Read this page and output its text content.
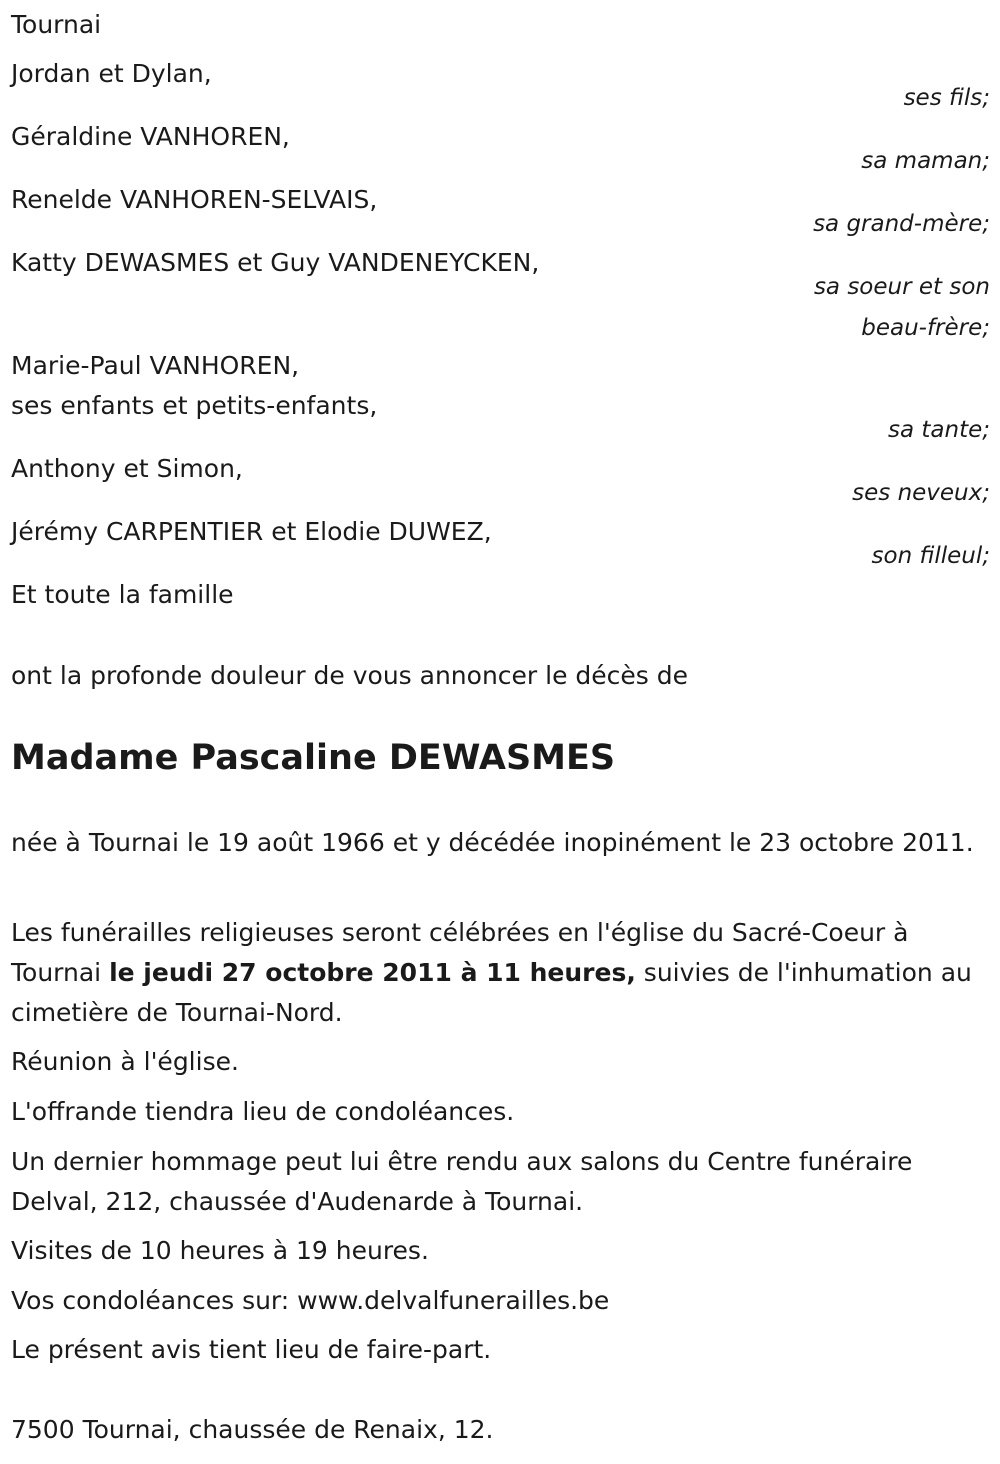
Tournai
Jordan et Dylan,
ses fils;
Géraldine VANHOREN,
sa maman;
Renelde VANHOREN-SELVAIS,
sa grand-mère;
Katty DEWASMES et Guy VANDENEYCKEN,
sa soeur et son
beau-frère;
Marie-Paul VANHOREN,
ses enfants et petits-enfants,
sa tante;
Anthony et Simon,
ses neveux;
Jérémy CARPENTIER et Elodie DUWEZ,
son filleul;
Et toute la famille
ont la profonde douleur de vous annoncer le décès de
Madame Pascaline DEWASMES
née à Tournai le 19 août 1966 et y décédée inopinément le 23 octobre 2011.
Les funérailles religieuses seront célébrées en l'église du Sacré-Coeur à Tournai le jeudi 27 octobre 2011 à 11 heures, suivies de l'inhumation au cimetière de Tournai-Nord.
Réunion à l'église.
L'offrande tiendra lieu de condoléances.
Un dernier hommage peut lui être rendu aux salons du Centre funéraire Delval, 212, chaussée d'Audenarde à Tournai.
Visites de 10 heures à 19 heures.
Vos condoléances sur: www.delvalfunerailles.be
Le présent avis tient lieu de faire-part.
7500 Tournai, chaussée de Renaix, 12.
